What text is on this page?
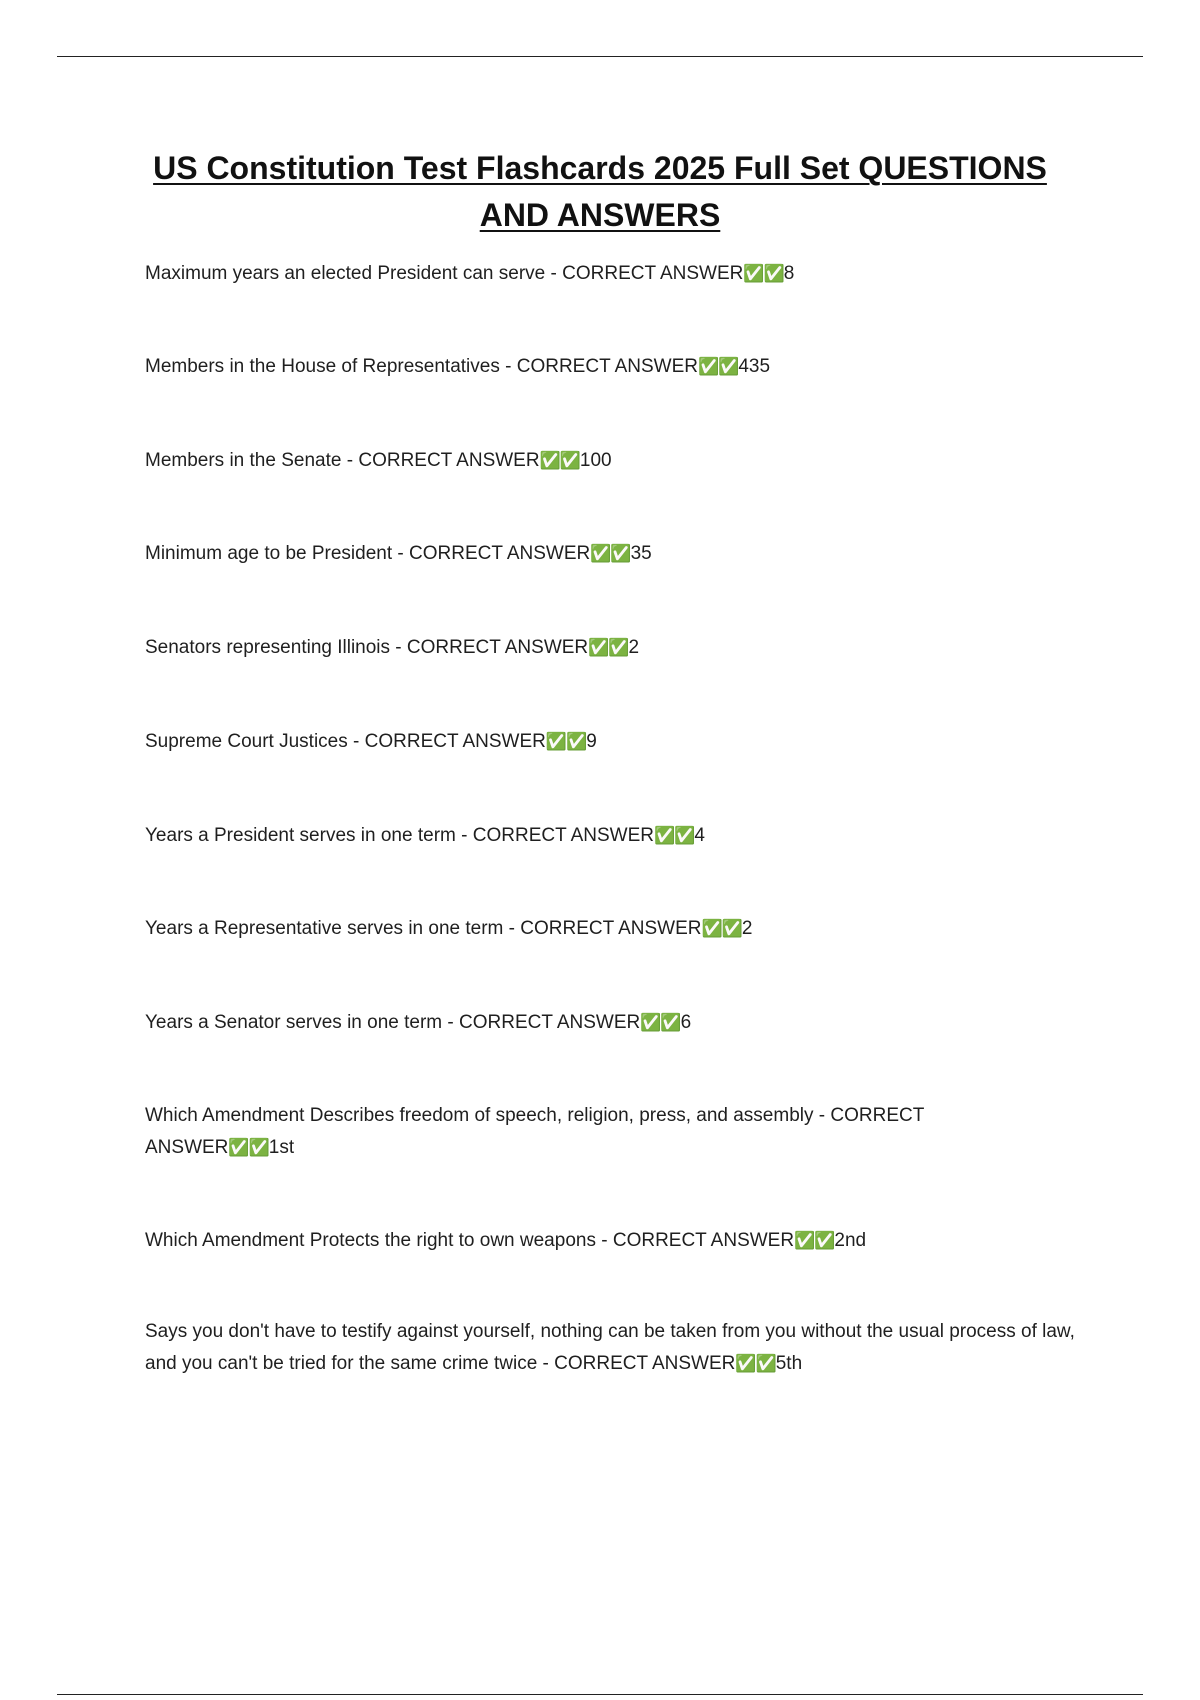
US Constitution Test Flashcards 2025 Full Set QUESTIONS AND ANSWERS

Maximum years an elected President can serve - CORRECT ANSWER✅✅8

Members in the House of Representatives - CORRECT ANSWER✅✅435

Members in the Senate - CORRECT ANSWER✅✅100

Minimum age to be President - CORRECT ANSWER✅✅35

Senators representing Illinois - CORRECT ANSWER✅✅2

Supreme Court Justices - CORRECT ANSWER✅✅9

Years a President serves in one term - CORRECT ANSWER✅✅4

Years a Representative serves in one term - CORRECT ANSWER✅✅2

Years a Senator serves in one term - CORRECT ANSWER✅✅6

Which Amendment Describes freedom of speech, religion, press, and assembly - CORRECT ANSWER✅✅1st

Which Amendment Protects the right to own weapons - CORRECT ANSWER✅✅2nd

Says you don't have to testify against yourself, nothing can be taken from you without the usual process of law, and you can't be tried for the same crime twice - CORRECT ANSWER✅✅5th
